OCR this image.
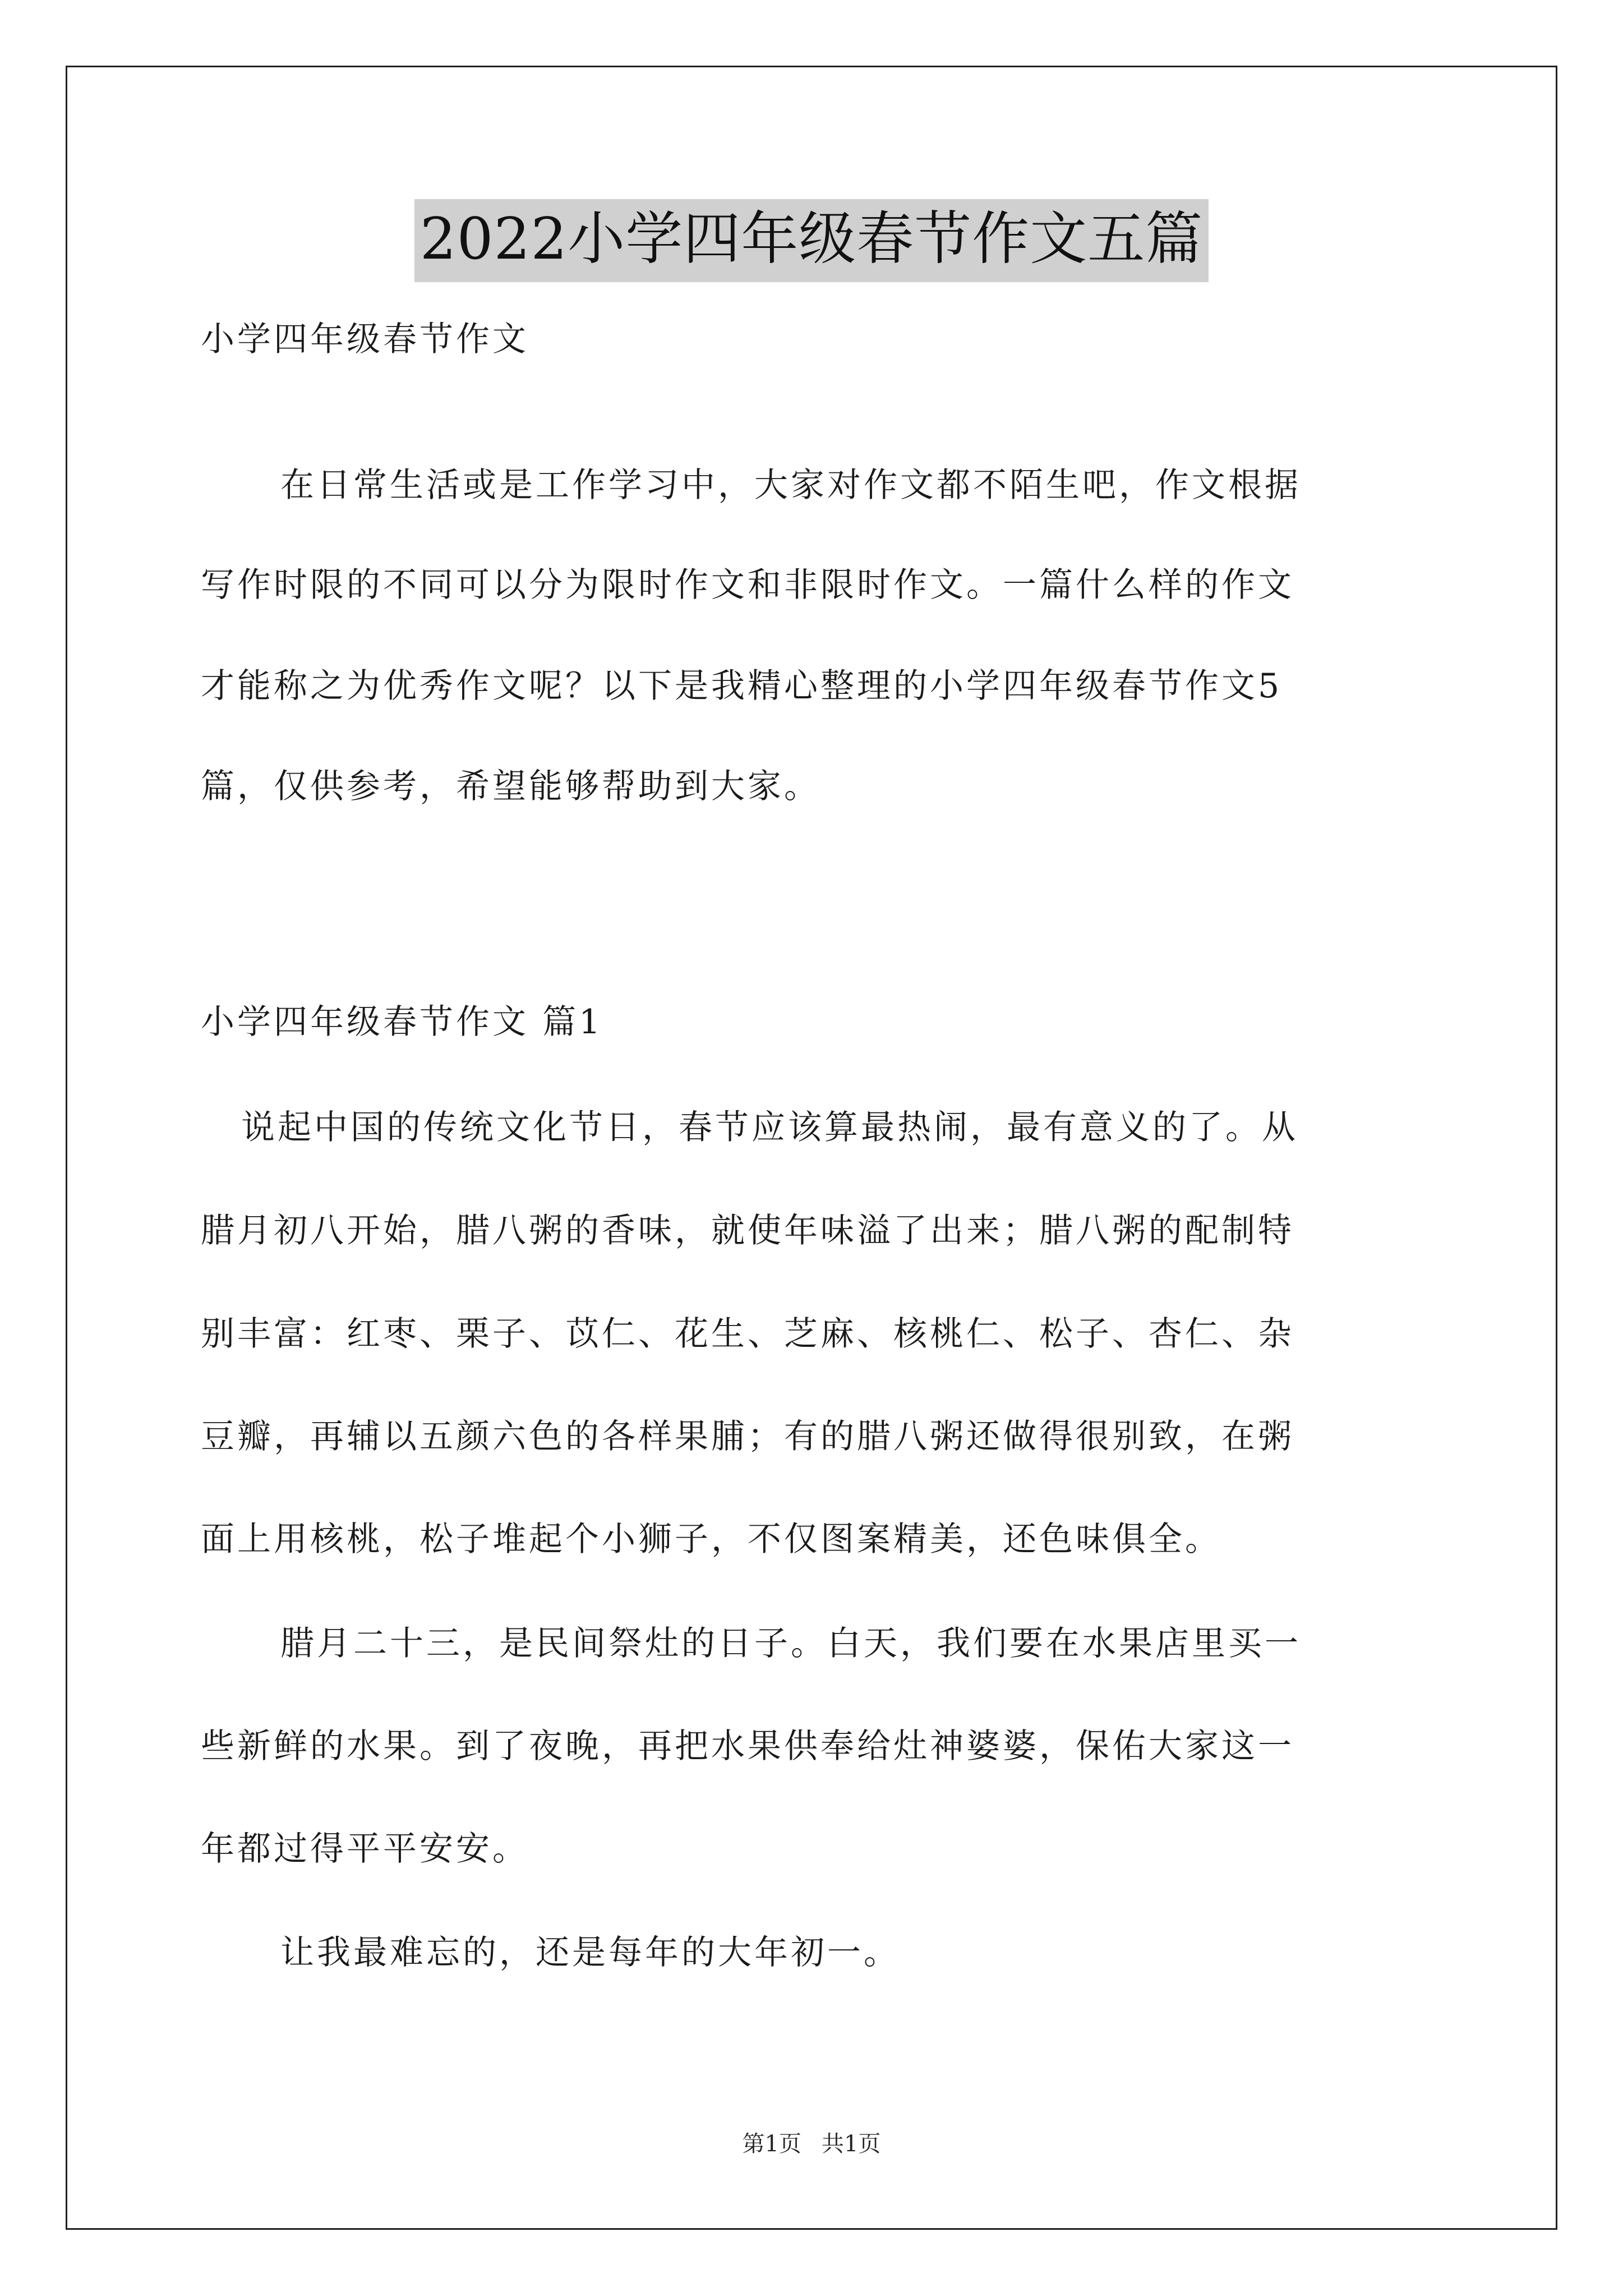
2022小学四年级春节作文五篇
小学四年级春节作文
在日常生活或是工作学习中，大家对作文都不陌生吧，作文根据
写作时限的不同可以分为限时作文和非限时作文。一篇什么样的作文
才能称之为优秀作文呢？以下是我精心整理的小学四年级春节作文5
篇，仅供参考，希望能够帮助到大家。
小学四年级春节作文 篇1
说起中国的传统文化节日，春节应该算最热闹，最有意义的了。从
腊月初八开始，腊八粥的香味，就使年味溢了出来；腊八粥的配制特
别丰富：红枣、栗子、苡仁、花生、芝麻、核桃仁、松子、杏仁、杂
豆瓣，再辅以五颜六色的各样果脯；有的腊八粥还做得很别致，在粥
面上用核桃，松子堆起个小狮子，不仅图案精美，还色味俱全。
腊月二十三，是民间祭灶的日子。白天，我们要在水果店里买一
些新鲜的水果。到了夜晚，再把水果供奉给灶神婆婆，保佑大家这一
年都过得平平安安。
让我最难忘的，还是每年的大年初一。
第1页 共1页
